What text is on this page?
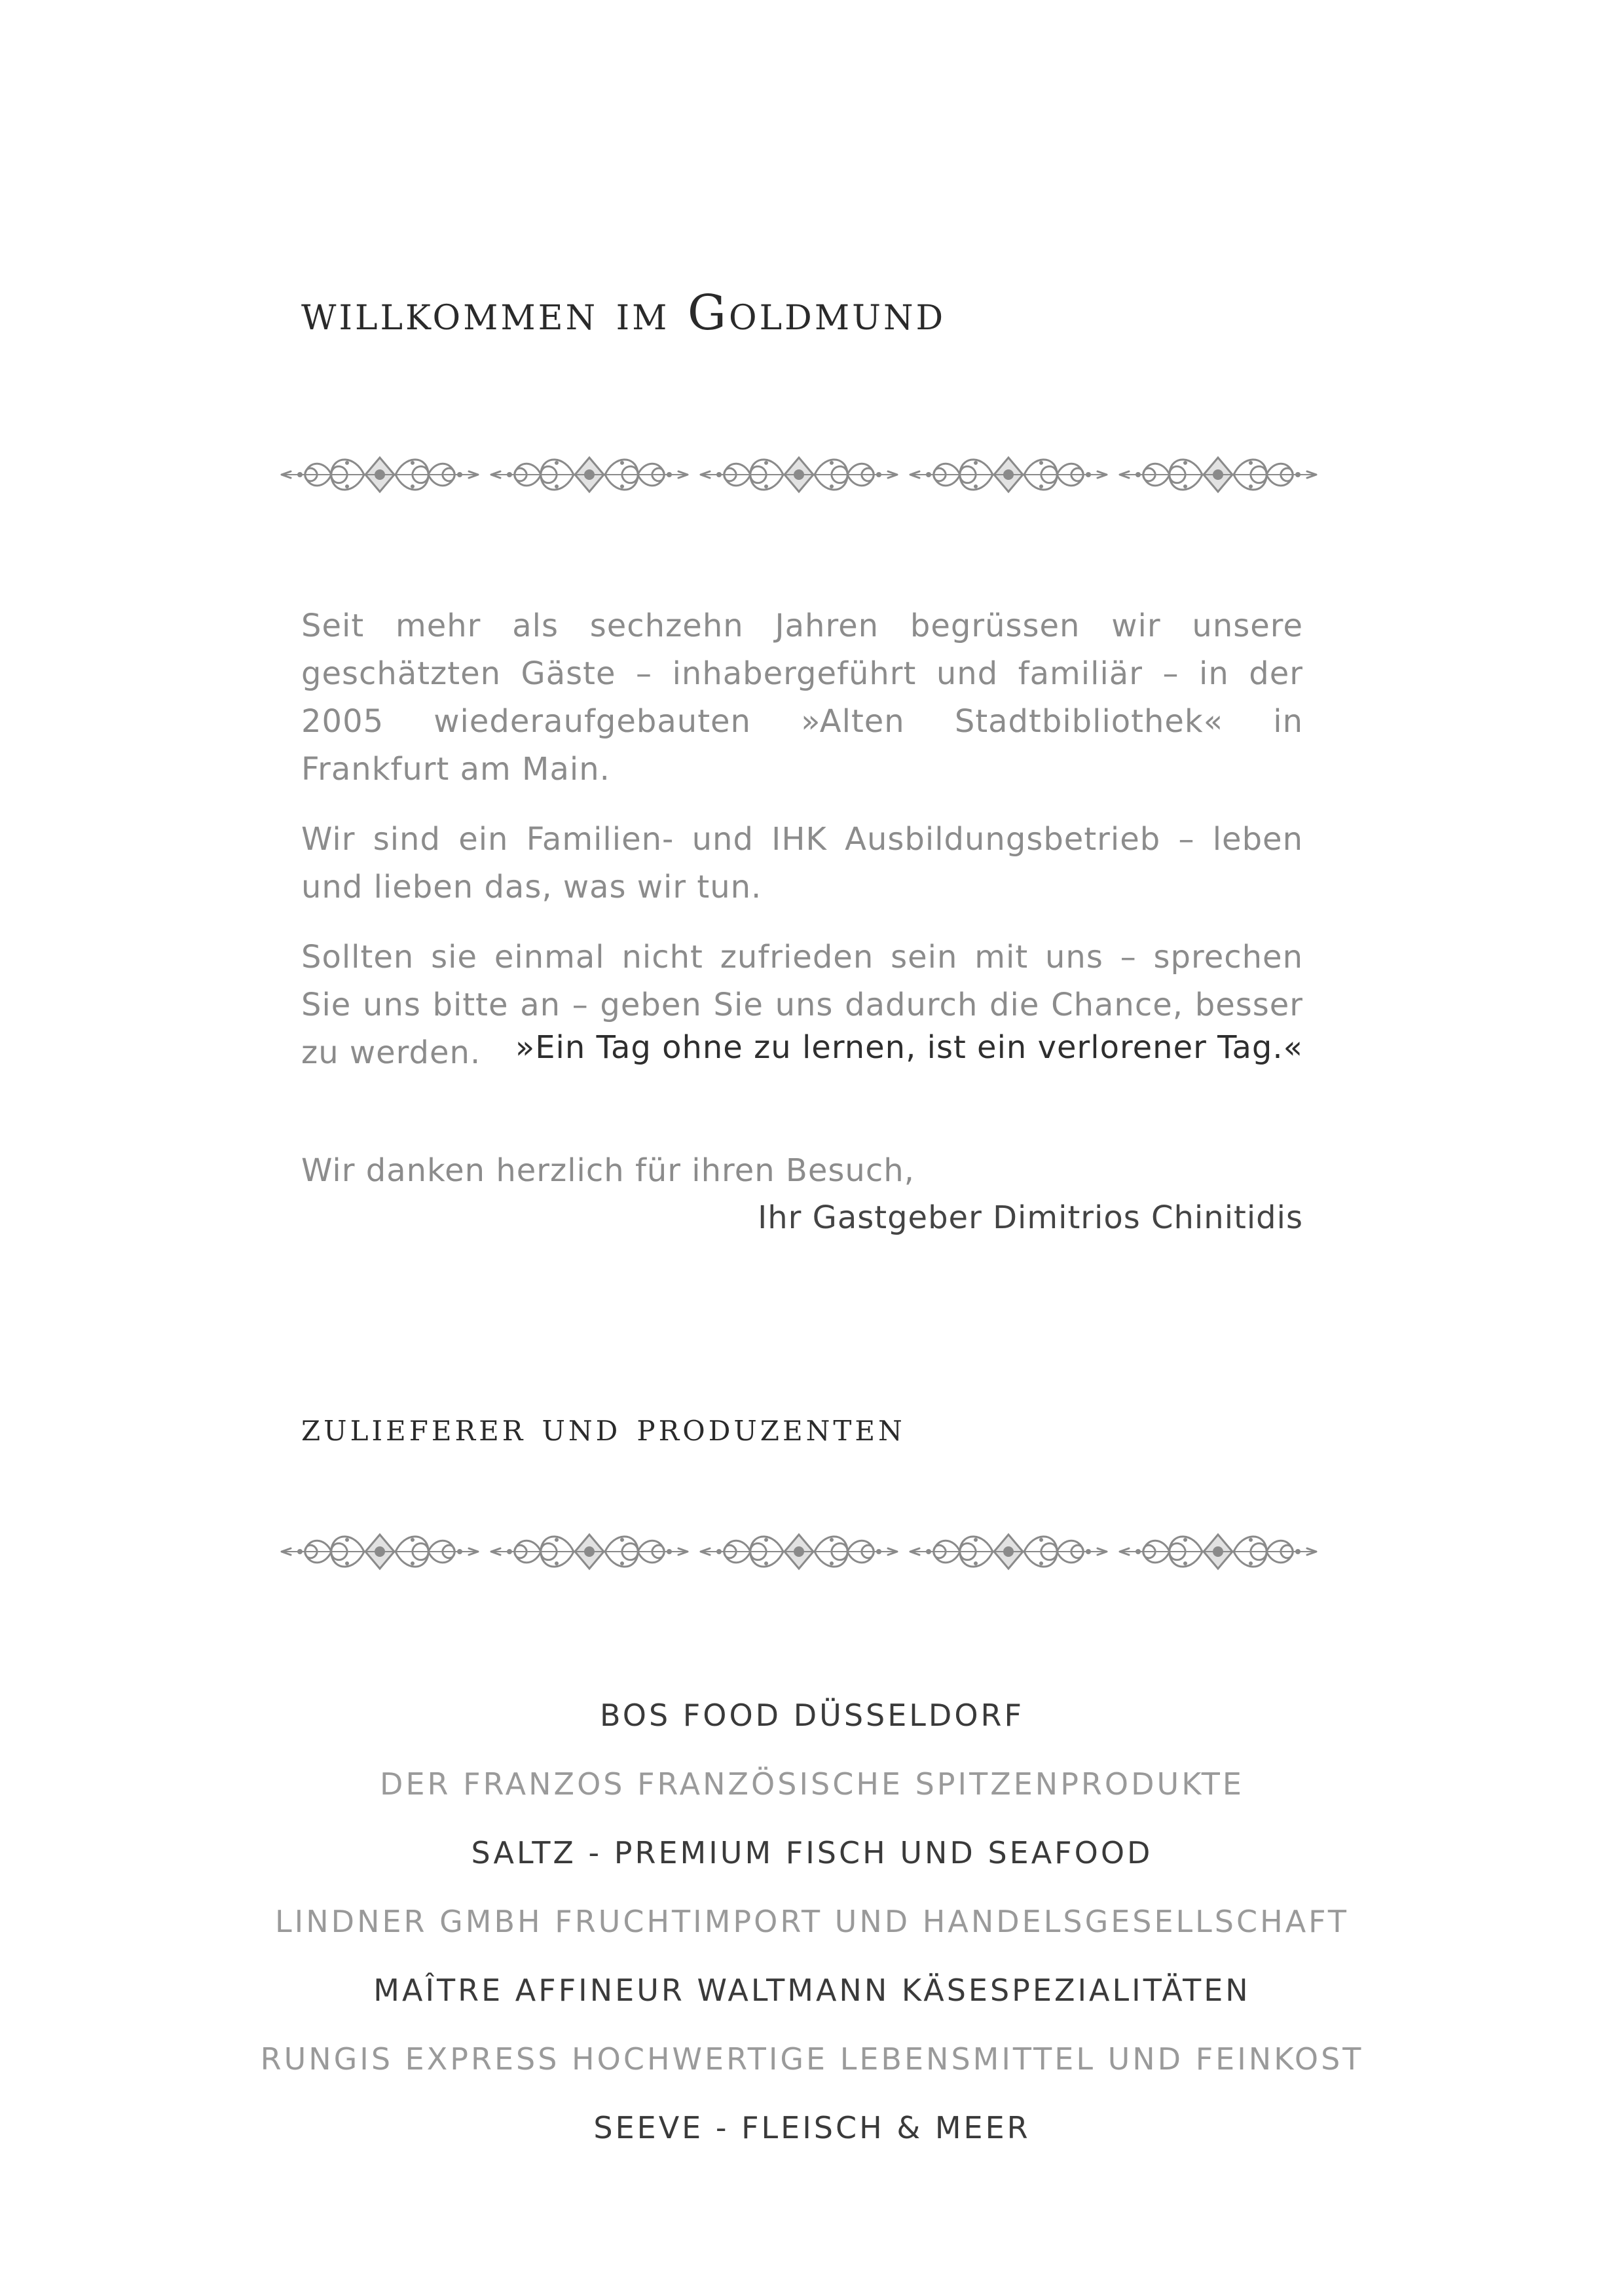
willkommen im Goldmund

Seit mehr als sechzehn Jahren begrüssen wir unsere geschätzten Gäste – inhabergeführt und familiär – in der 2005 wiederaufgebauten »Alten Stadtbibliothek« in Frankfurt am Main.

Wir sind ein Familien- und IHK Ausbildungsbetrieb – leben und lieben das, was wir tun.

Sollten sie einmal nicht zufrieden sein mit uns – sprechen Sie uns bitte an – geben Sie uns dadurch die Chance, besser zu werden.	»Ein Tag ohne zu lernen, ist ein verlorener Tag.«
Wir danken herzlich für ihren Besuch,
Ihr Gastgeber Dimitrios Chinitidis
zulieferer und produzenten
BOS FOOD DÜSSELDORF
DER FRANZOS FRANZÖSISCHE SPITZENPRODUKTE
SALTZ - PREMIUM FISCH UND SEAFOOD
LINDNER GMBH FRUCHTIMPORT UND HANDELSGESELLSCHAFT
MAÎTRE AFFINEUR WALTMANN KÄSESPEZIALITÄTEN
RUNGIS EXPRESS HOCHWERTIGE LEBENSMITTEL UND FEINKOST
SEEVE - FLEISCH & MEER
